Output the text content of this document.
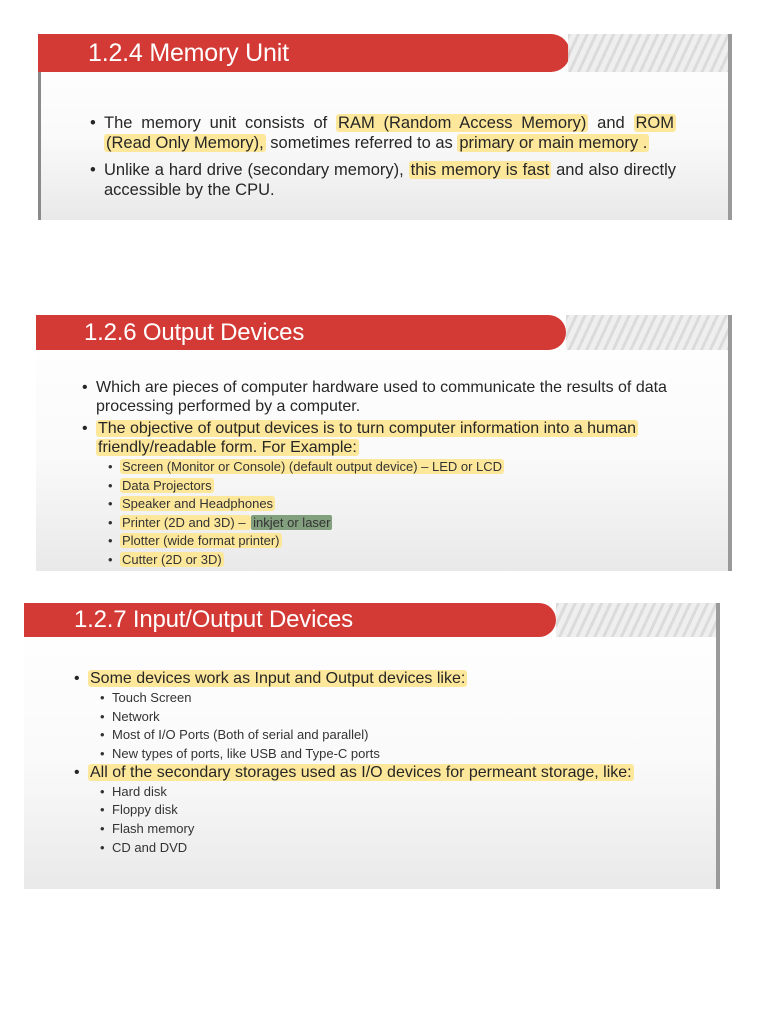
1.2.4 Memory Unit
• The memory unit consists of RAM (Random Access Memory) and ROM (Read Only Memory), sometimes referred to as primary or main memory .
• Unlike a hard drive (secondary memory), this memory is fast and also directly accessible by the CPU.
1.2.6 Output Devices
• Which are pieces of computer hardware used to communicate the results of data processing performed by a computer.
• The objective of output devices is to turn computer information into a human friendly/readable form. For Example:
• Screen (Monitor or Console) (default output device) – LED or LCD
• Data Projectors
• Speaker and Headphones
• Printer (2D and 3D) – inkjet or laser
• Plotter (wide format printer)
• Cutter (2D or 3D)
1.2.7 Input/Output Devices
• Some devices work as Input and Output devices like:
• Touch Screen
• Network
• Most of I/O Ports (Both of serial and parallel)
• New types of ports, like USB and Type-C ports
• All of the secondary storages used as I/O devices for permeant storage, like:
• Hard disk
• Floppy disk
• Flash memory
• CD and DVD
